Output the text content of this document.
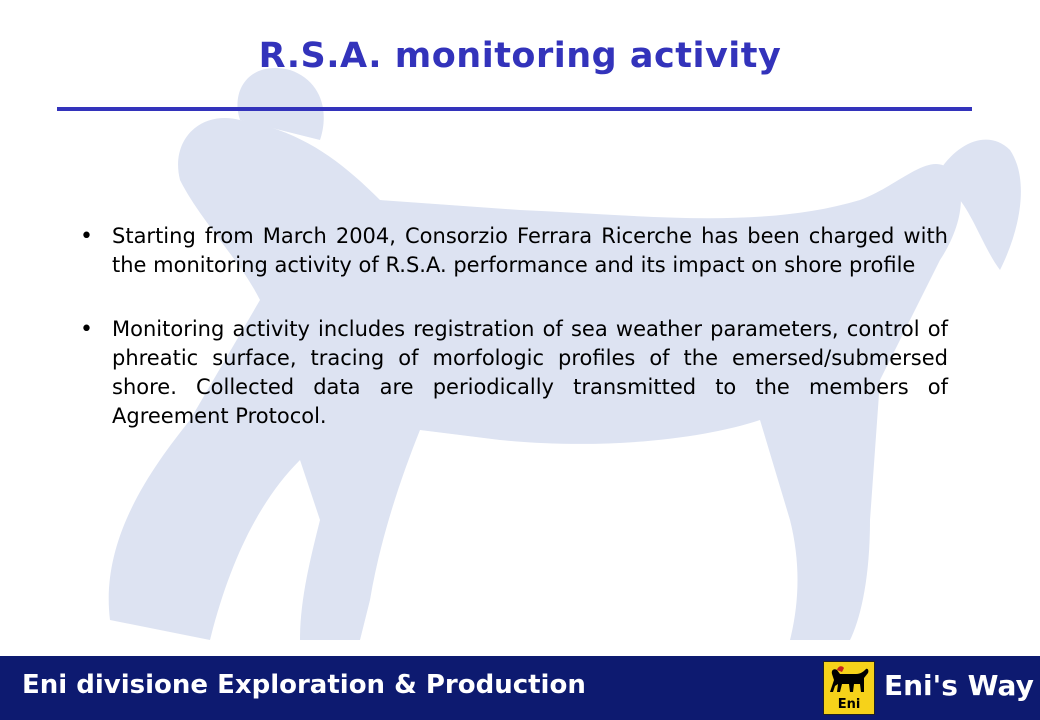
R.S.A. monitoring activity
• Starting from March 2004, Consorzio Ferrara Ricerche has been charged with the monitoring activity of R.S.A. performance and its impact on shore profile
• Monitoring activity includes registration of sea weather parameters, control of phreatic surface, tracing of morfologic profiles of the emersed/submersed shore. Collected data are periodically transmitted to the members of Agreement Protocol.
Eni divisione Exploration & Production
Eni
Eni's Way
